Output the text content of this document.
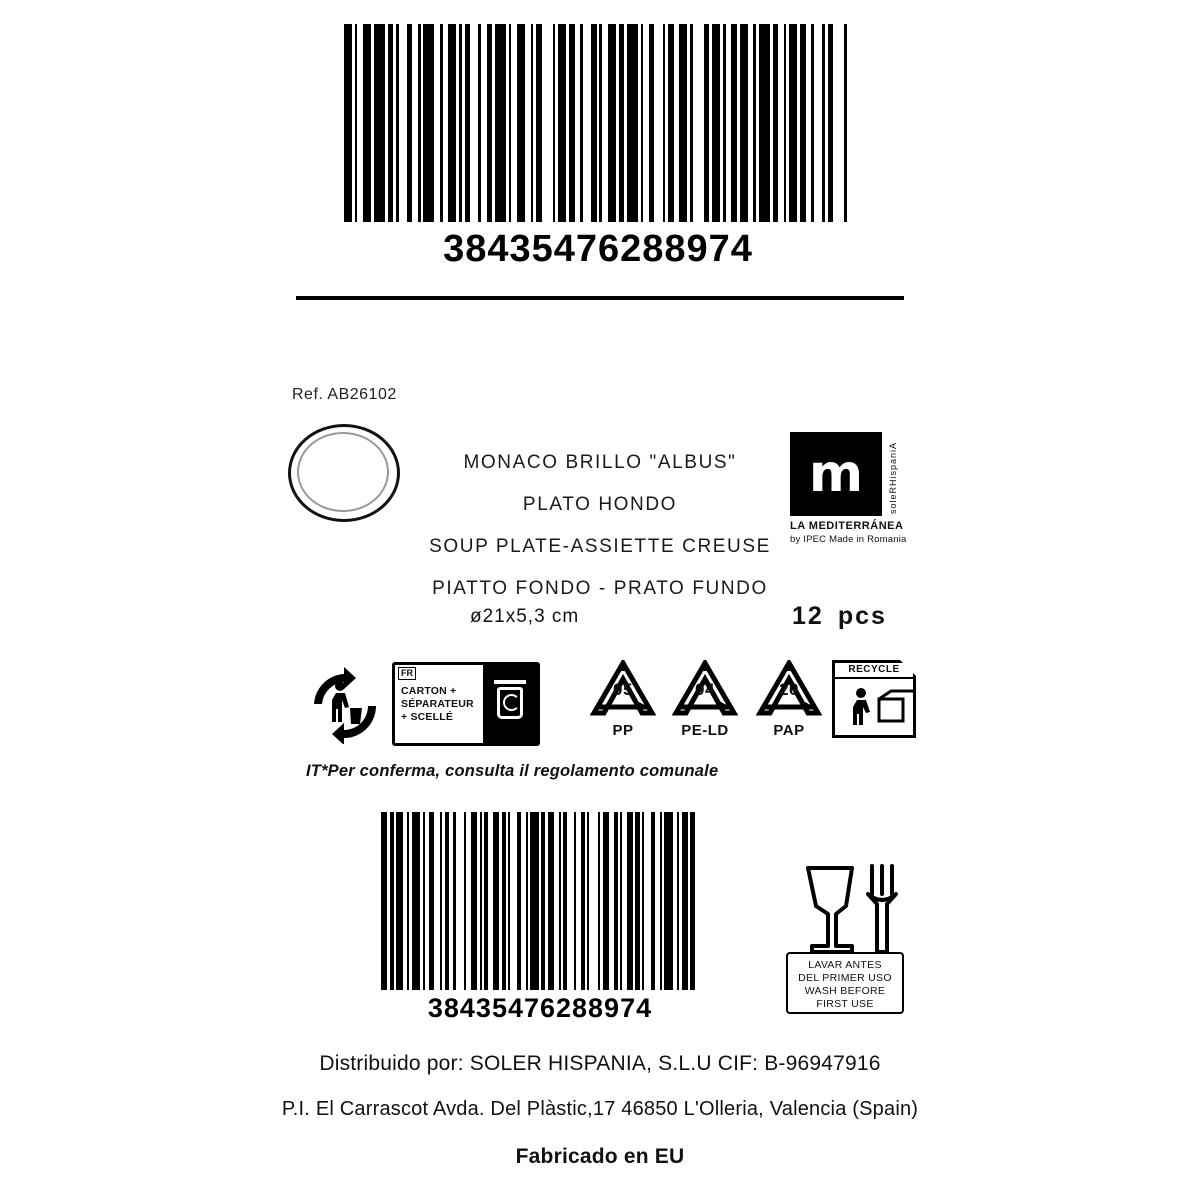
38435476288974
Ref. AB26102
MONACO BRILLO "ALBUS"
PLATO HONDO
SOUP PLATE-ASSIETTE CREUSE
PIATTO FONDO - PRATO FUNDO
ø21x5,3 cm	12 pcs
m	soleRHispaniA
LA MEDITERRÁNEA
by IPEC Made in Romania
FR
CARTON +
SÉPARATEUR
+ SCELLÉ
05
PP
04
PE-LD
20
PAP
RECYCLE
IT*Per conferma, consulta il regolamento comunale
38435476288974
LAVAR ANTES
DEL PRIMER USO
WASH BEFORE
FIRST USE
Distribuido por: SOLER HISPANIA, S.L.U CIF: B-96947916
P.I. El Carrascot Avda. Del Plàstic,17 46850 L'Olleria, Valencia (Spain)
Fabricado en EU
